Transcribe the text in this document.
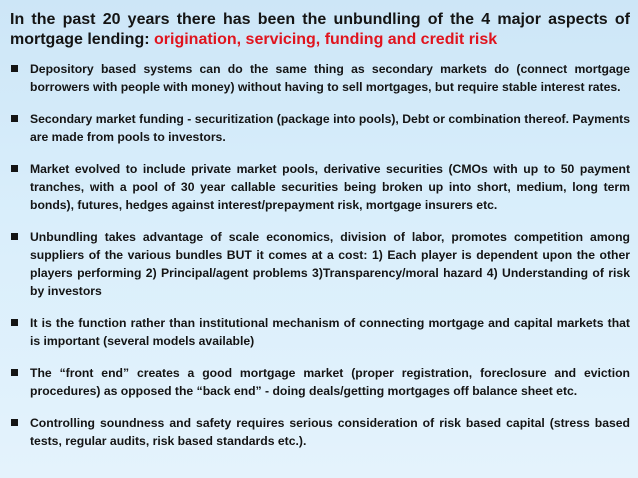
In the past 20 years there has been the unbundling of the 4 major aspects of mortgage lending: origination, servicing, funding and credit risk
Depository based systems can do the same thing as secondary markets do (connect mortgage borrowers with people with money) without having to sell mortgages, but require stable interest rates.
Secondary market funding - securitization (package into pools), Debt or combination thereof. Payments are made from pools to investors.
Market evolved to include private market pools, derivative securities (CMOs with up to 50 payment tranches, with a pool of 30 year callable securities being broken up into short, medium, long term bonds), futures, hedges against interest/prepayment risk, mortgage insurers etc.
Unbundling takes advantage of scale economics, division of labor, promotes competition among suppliers of the various bundles BUT it comes at a cost: 1) Each player is dependent upon the other players performing 2) Principal/agent problems 3)Transparency/moral hazard 4) Understanding of risk by investors
It is the function rather than institutional mechanism of connecting mortgage and capital markets that is important (several models available)
The “front end” creates a good mortgage market (proper registration, foreclosure and eviction procedures) as opposed the “back end” - doing deals/getting mortgages off balance sheet etc.
Controlling soundness and safety requires serious consideration of risk based capital (stress based tests, regular audits, risk based standards etc.).
